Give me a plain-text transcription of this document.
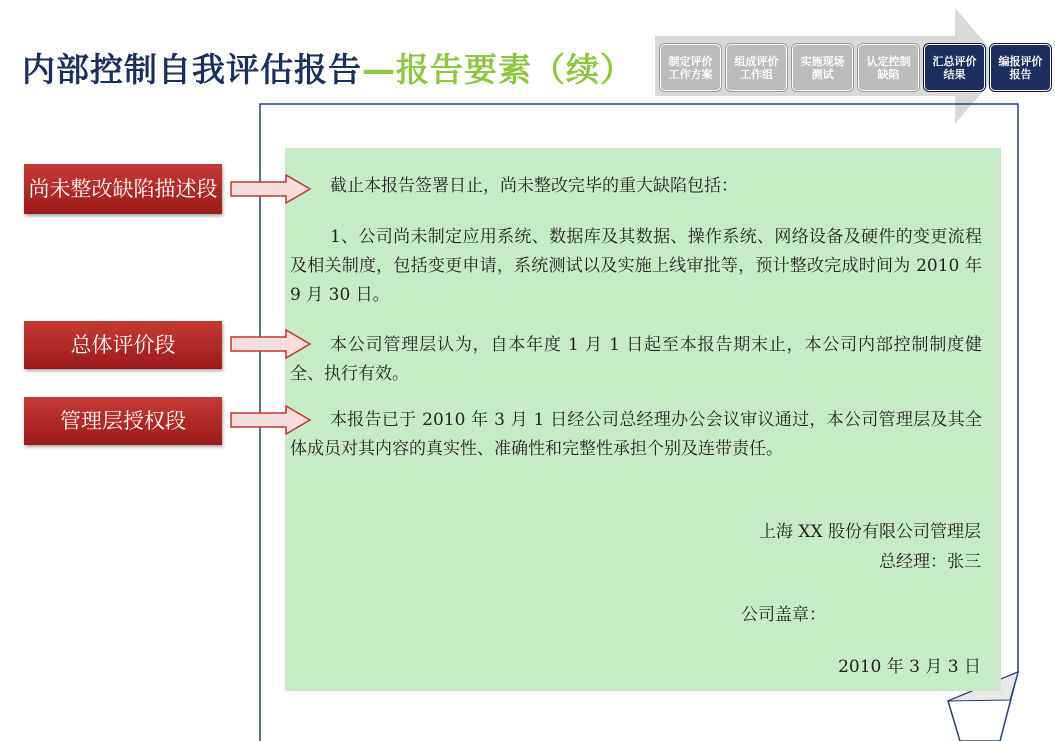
内部控制自我评估报告—报告要素（续）	制定评价工作方案
组成评价工作组
实施现场测试
认定控制缺陷
汇总评价结果
编报评价报告
截止本报告签署日止，尚未整改完毕的重大缺陷包括：
1、公司尚未制定应用系统、数据库及其数据、操作系统、网络设备及硬件的变更流程及相关制度，包括变更申请，系统测试以及实施上线审批等，预计整改完成时间为 2010 年 9 月 30 日。
本公司管理层认为，自本年度 1 月 1 日起至本报告期末止，本公司内部控制制度健全、执行有效。
本报告已于 2010 年 3 月 1 日经公司总经理办公会议审议通过，本公司管理层及其全体成员对其内容的真实性、准确性和完整性承担个别及连带责任。
上海 XX 股份有限公司管理层
总经理：张三
公司盖章：
2010 年 3 月 3 日
尚未整改缺陷描述段
总体评价段
管理层授权段
